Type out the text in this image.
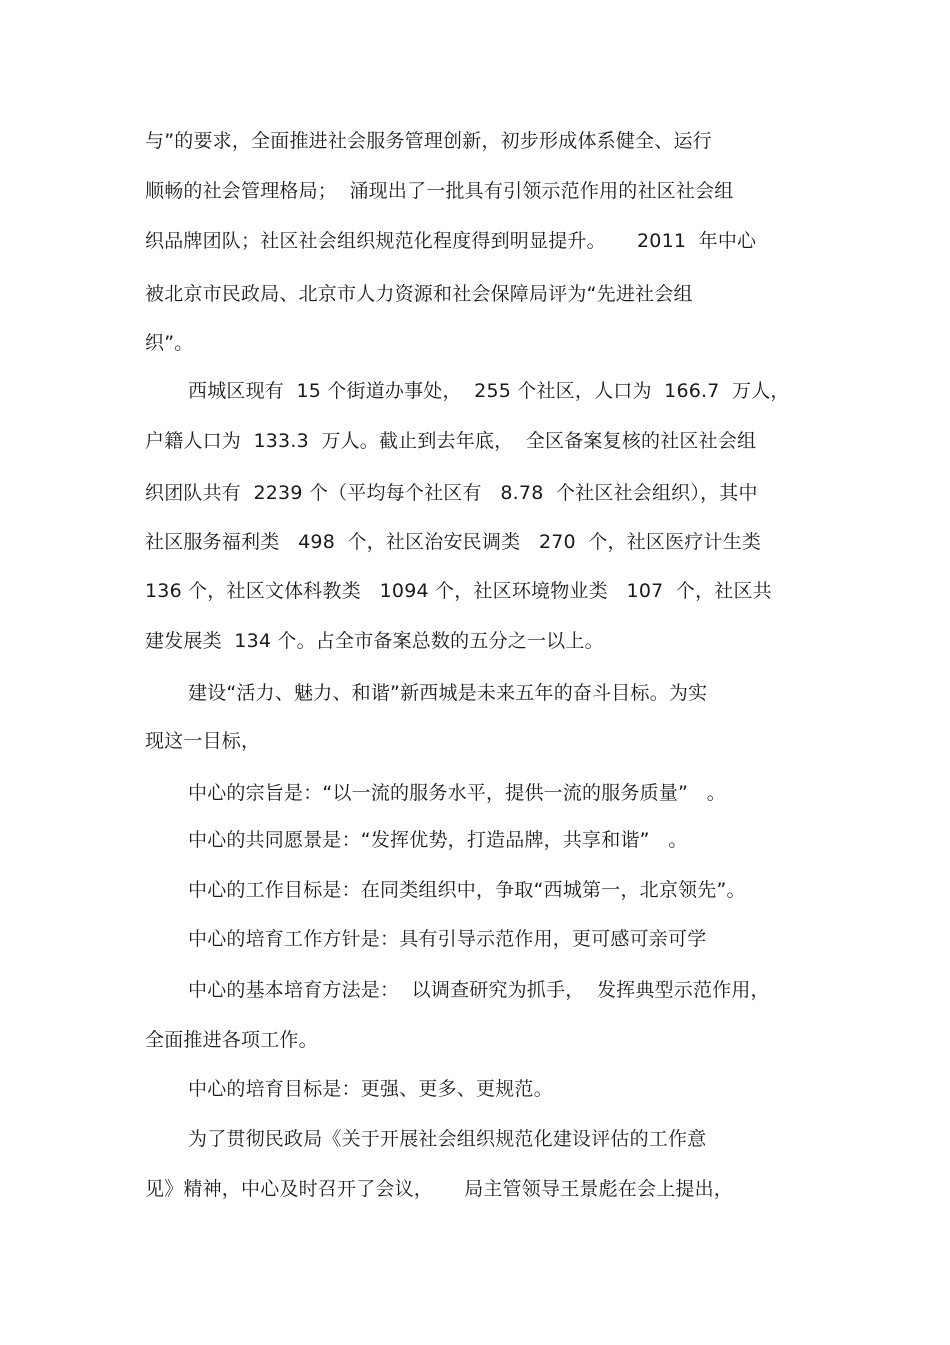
与”的要求，全面推进社会服务管理创新，初步形成体系健全、运行
顺畅的社会管理格局；  涌现出了一批具有引领示范作用的社区社会组
织品牌团队；社区社会组织规范化程度得到明显提升。     2011  年中心
被北京市民政局、北京市人力资源和社会保障局评为“先进社会组
织”。
西城区现有  15 个街道办事处，  255 个社区，人口为  166.7  万人，
户籍人口为  133.3  万人。截止到去年底，  全区备案复核的社区社会组
织团队共有  2239 个（平均每个社区有   8.78  个社区社会组织），其中
社区服务福利类   498  个，社区治安民调类   270  个，社区医疗计生类
136 个，社区文体科教类   1094 个，社区环境物业类   107  个，社区共
建发展类  134 个。占全市备案总数的五分之一以上。
建设“活力、魅力、和谐”新西城是未来五年的奋斗目标。为实
现这一目标，
中心的宗旨是：“以一流的服务水平，提供一流的服务质量”   。
中心的共同愿景是：“发挥优势，打造品牌，共享和谐”   。
中心的工作目标是：在同类组织中，争取“西城第一，北京领先”。
中心的培育工作方针是：具有引导示范作用，更可感可亲可学
中心的基本培育方法是：  以调查研究为抓手，  发挥典型示范作用，
全面推进各项工作。
中心的培育目标是：更强、更多、更规范。
为了贯彻民政局《关于开展社会组织规范化建设评估的工作意
见》精神，中心及时召开了会议，     局主管领导王景彪在会上提出，
